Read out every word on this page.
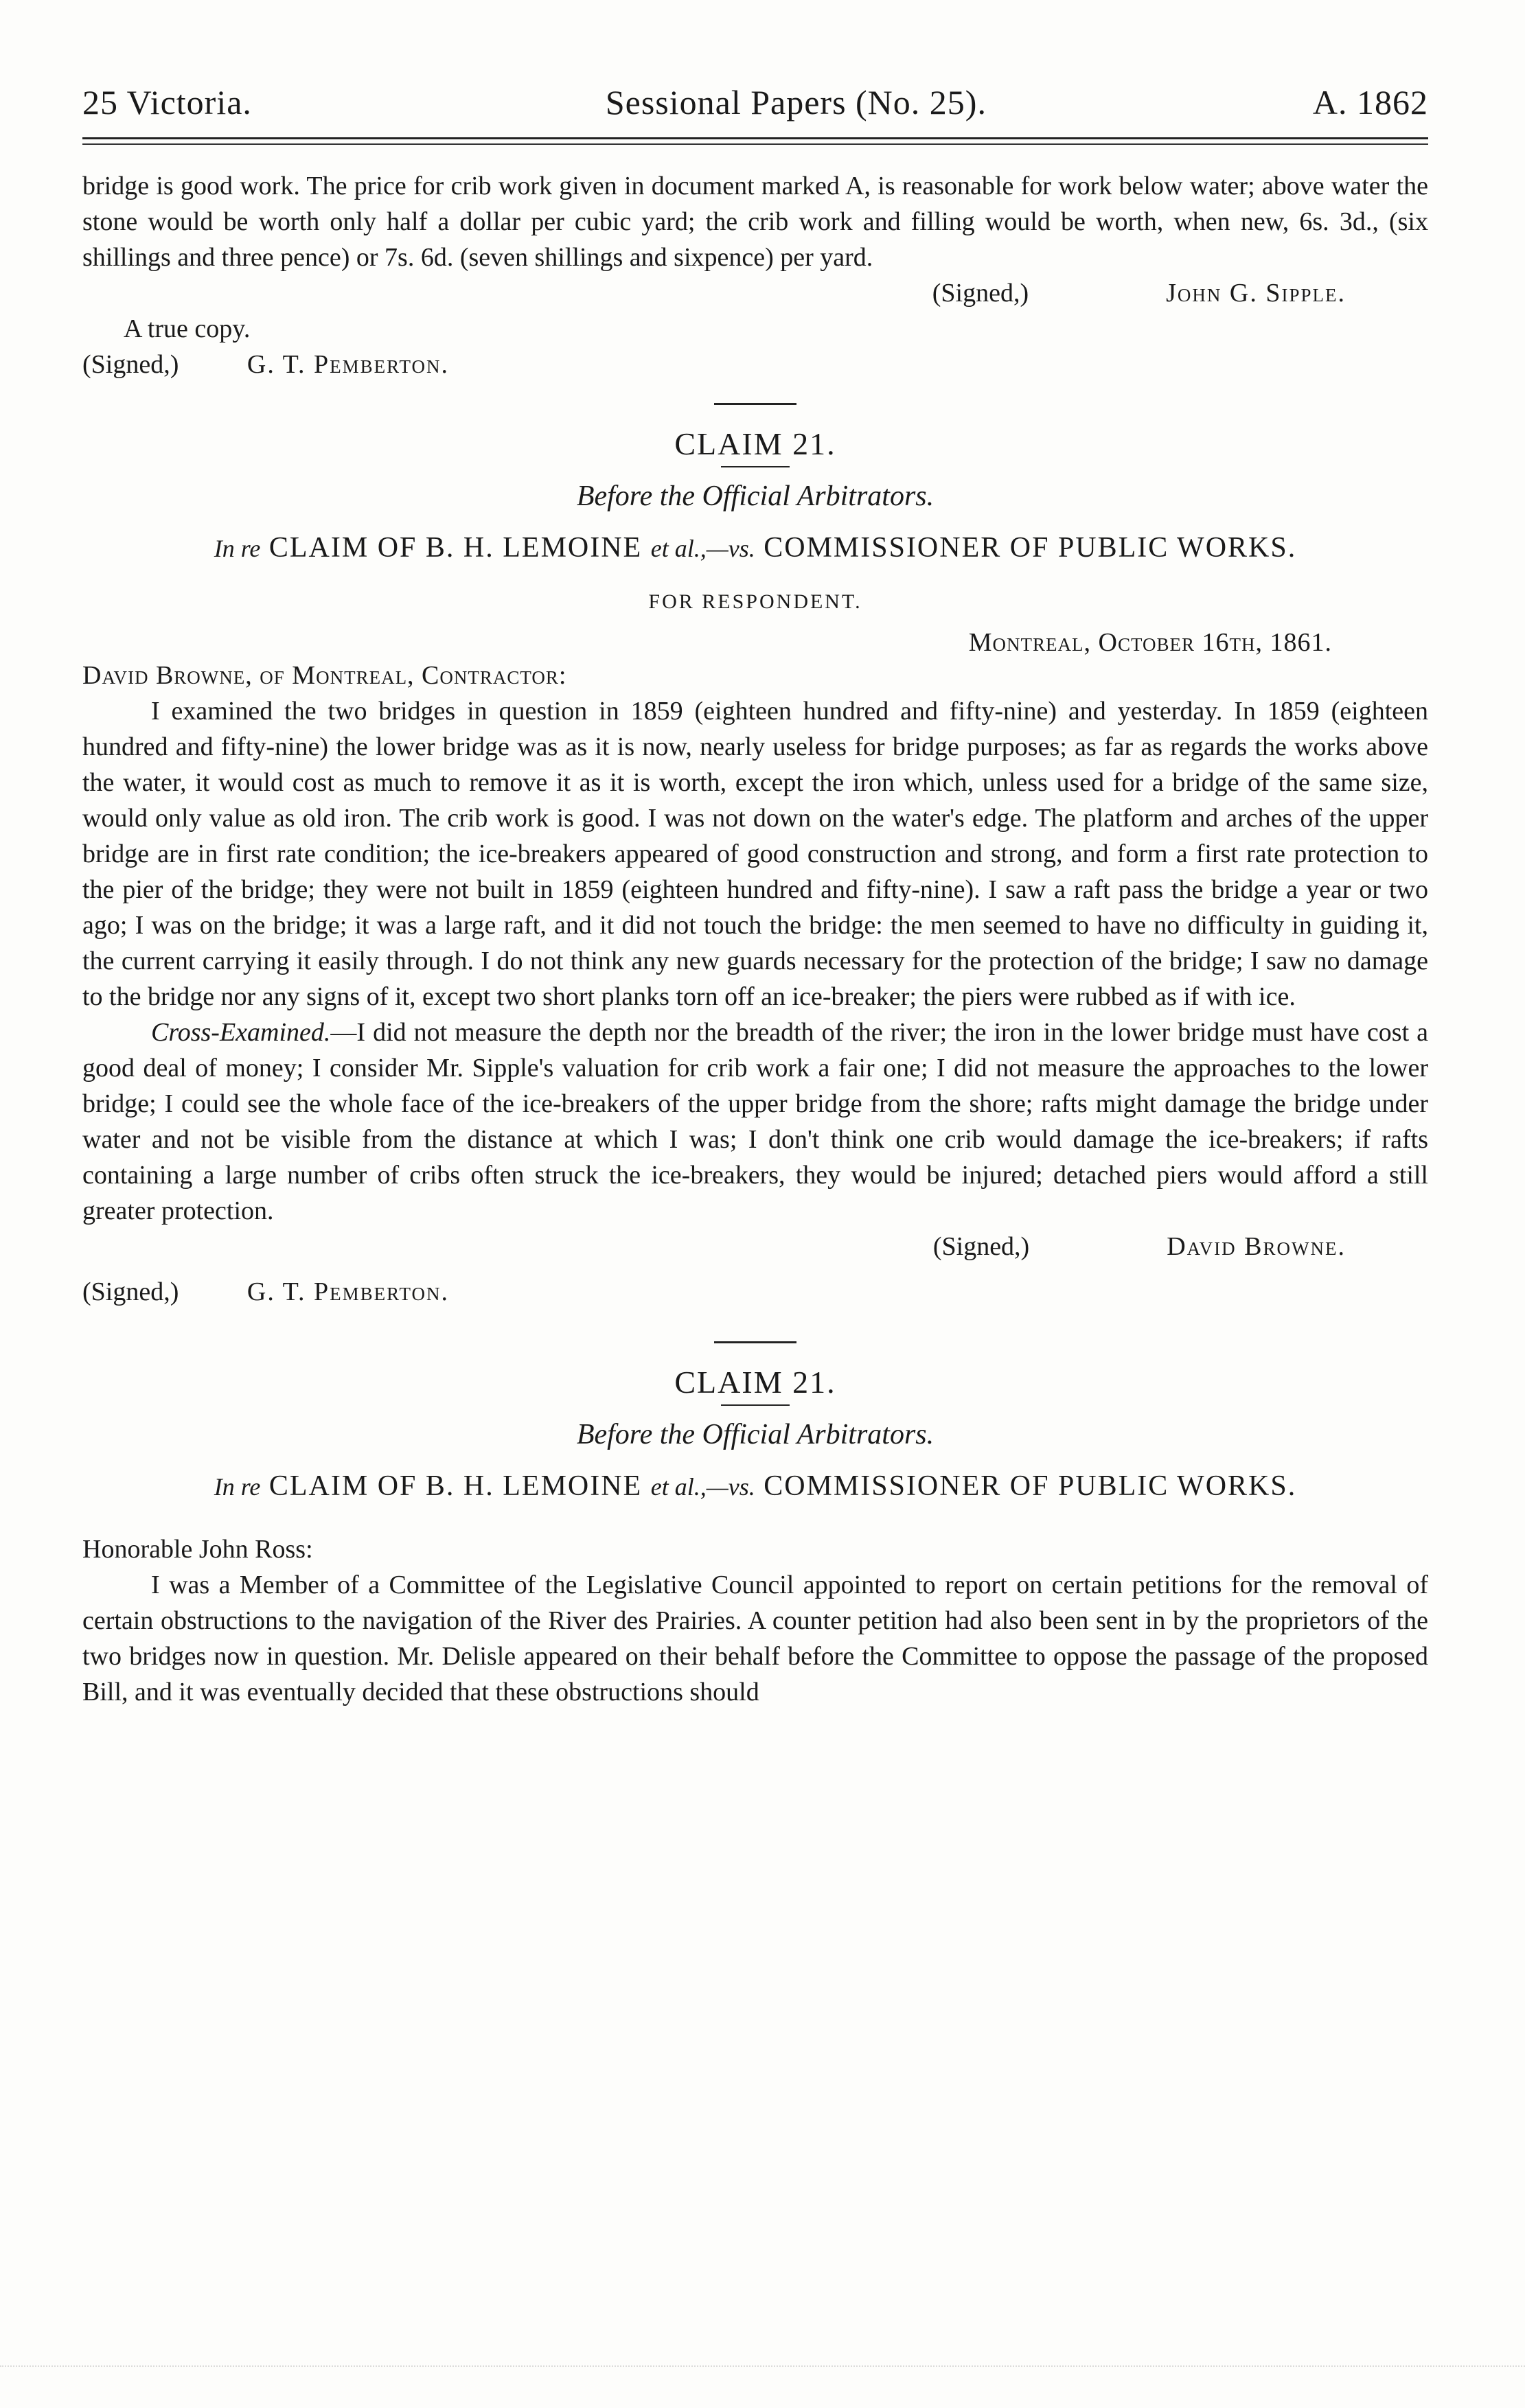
25 Victoria.	Sessional Papers (No. 25).	A. 1862

bridge is good work. The price for crib work given in document marked A, is reasonable for work below water; above water the stone would be worth only half a dollar per cubic yard; the crib work and filling would be worth, when new, 6s. 3d., (six shillings and three pence) or 7s. 6d. (seven shillings and sixpence) per yard.

(Signed,)	John G. Sipple.
A true copy.
(Signed,)	G. T. Pemberton.
CLAIM 21.
Before the Official Arbitrators.
In re CLAIM OF B. H. LEMOINE et al.,—vs. COMMISSIONER OF PUBLIC WORKS.
FOR RESPONDENT.
Montreal, October 16th, 1861.
David Browne, of Montreal, Contractor:

I examined the two bridges in question in 1859 (eighteen hundred and fifty-nine) and yesterday. In 1859 (eighteen hundred and fifty-nine) the lower bridge was as it is now, nearly useless for bridge purposes; as far as regards the works above the water, it would cost as much to remove it as it is worth, except the iron which, unless used for a bridge of the same size, would only value as old iron. The crib work is good. I was not down on the water's edge. The platform and arches of the upper bridge are in first rate condition; the ice-breakers appeared of good construction and strong, and form a first rate protection to the pier of the bridge; they were not built in 1859 (eighteen hundred and fifty-nine). I saw a raft pass the bridge a year or two ago; I was on the bridge; it was a large raft, and it did not touch the bridge: the men seemed to have no difficulty in guiding it, the current carrying it easily through. I do not think any new guards necessary for the protection of the bridge; I saw no damage to the bridge nor any signs of it, except two short planks torn off an ice-breaker; the piers were rubbed as if with ice.

Cross-Examined.—I did not measure the depth nor the breadth of the river; the iron in the lower bridge must have cost a good deal of money; I consider Mr. Sipple's valuation for crib work a fair one; I did not measure the approaches to the lower bridge; I could see the whole face of the ice-breakers of the upper bridge from the shore; rafts might damage the bridge under water and not be visible from the distance at which I was; I don't think one crib would damage the ice-breakers; if rafts containing a large number of cribs often struck the ice-breakers, they would be injured; detached piers would afford a still greater protection.

(Signed,)	David Browne.
(Signed,)	G. T. Pemberton.
CLAIM 21.
Before the Official Arbitrators.
In re CLAIM OF B. H. LEMOINE et al.,—vs. COMMISSIONER OF PUBLIC WORKS.
Honorable John Ross:

I was a Member of a Committee of the Legislative Council appointed to report on certain petitions for the removal of certain obstructions to the navigation of the River des Prairies. A counter petition had also been sent in by the proprietors of the two bridges now in question. Mr. Delisle appeared on their behalf before the Committee to oppose the passage of the proposed Bill, and it was eventually decided that these obstructions should
